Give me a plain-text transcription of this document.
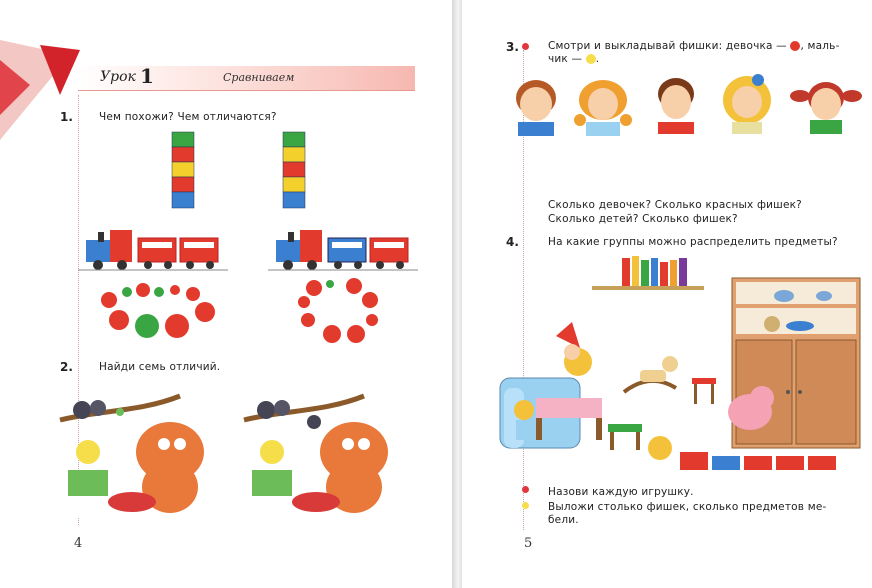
Урок 1	Сравниваем
1. Чем похожи? Чем отличаются?
2. Найди семь отличий.
4
3.	Смотри и выкладывай фишки: девочка — , маль-
чик — .
Сколько девочек? Сколько красных фишек?
Сколько детей? Сколько фишек?
4.	На какие группы можно распределить предметы?
Назови каждую игрушку.
Выложи столько фишек, сколько предметов ме-
бели.
5
